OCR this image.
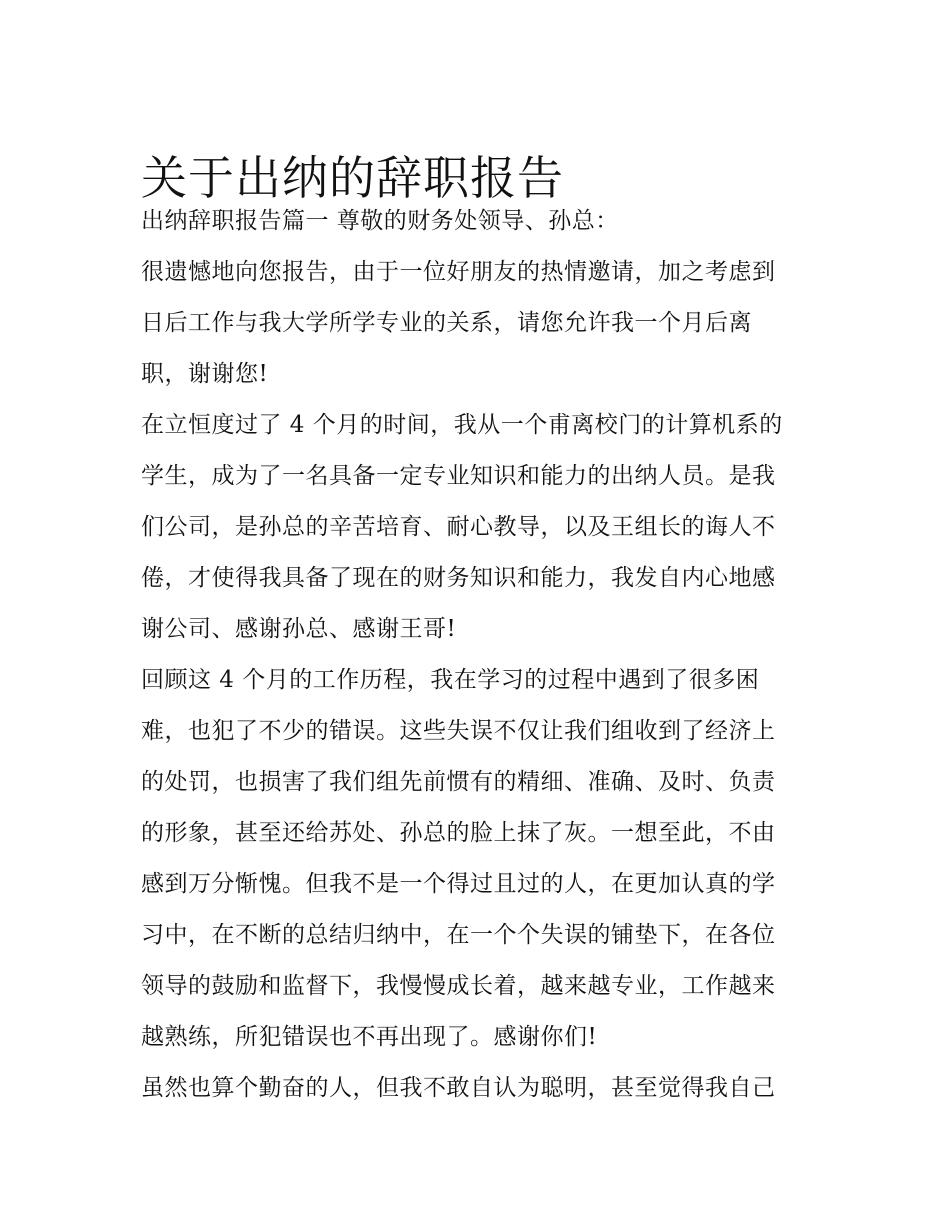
关于出纳的辞职报告
出纳辞职报告篇一 尊敬的财务处领导、孙总：
很遗憾地向您报告，由于一位好朋友的热情邀请，加之考虑到
日后工作与我大学所学专业的关系，请您允许我一个月后离
职，谢谢您!
在立恒度过了 4 个月的时间，我从一个甫离校门的计算机系的
学生，成为了一名具备一定专业知识和能力的出纳人员。是我
们公司，是孙总的辛苦培育、耐心教导，以及王组长的诲人不
倦，才使得我具备了现在的财务知识和能力，我发自内心地感
谢公司、感谢孙总、感谢王哥!
回顾这 4 个月的工作历程，我在学习的过程中遇到了很多困
难，也犯了不少的错误。这些失误不仅让我们组收到了经济上
的处罚，也损害了我们组先前惯有的精细、准确、及时、负责
的形象，甚至还给苏处、孙总的脸上抹了灰。一想至此，不由
感到万分惭愧。但我不是一个得过且过的人，在更加认真的学
习中，在不断的总结归纳中，在一个个失误的铺垫下，在各位
领导的鼓励和监督下，我慢慢成长着，越来越专业，工作越来
越熟练，所犯错误也不再出现了。感谢你们!
虽然也算个勤奋的人，但我不敢自认为聪明，甚至觉得我自己
